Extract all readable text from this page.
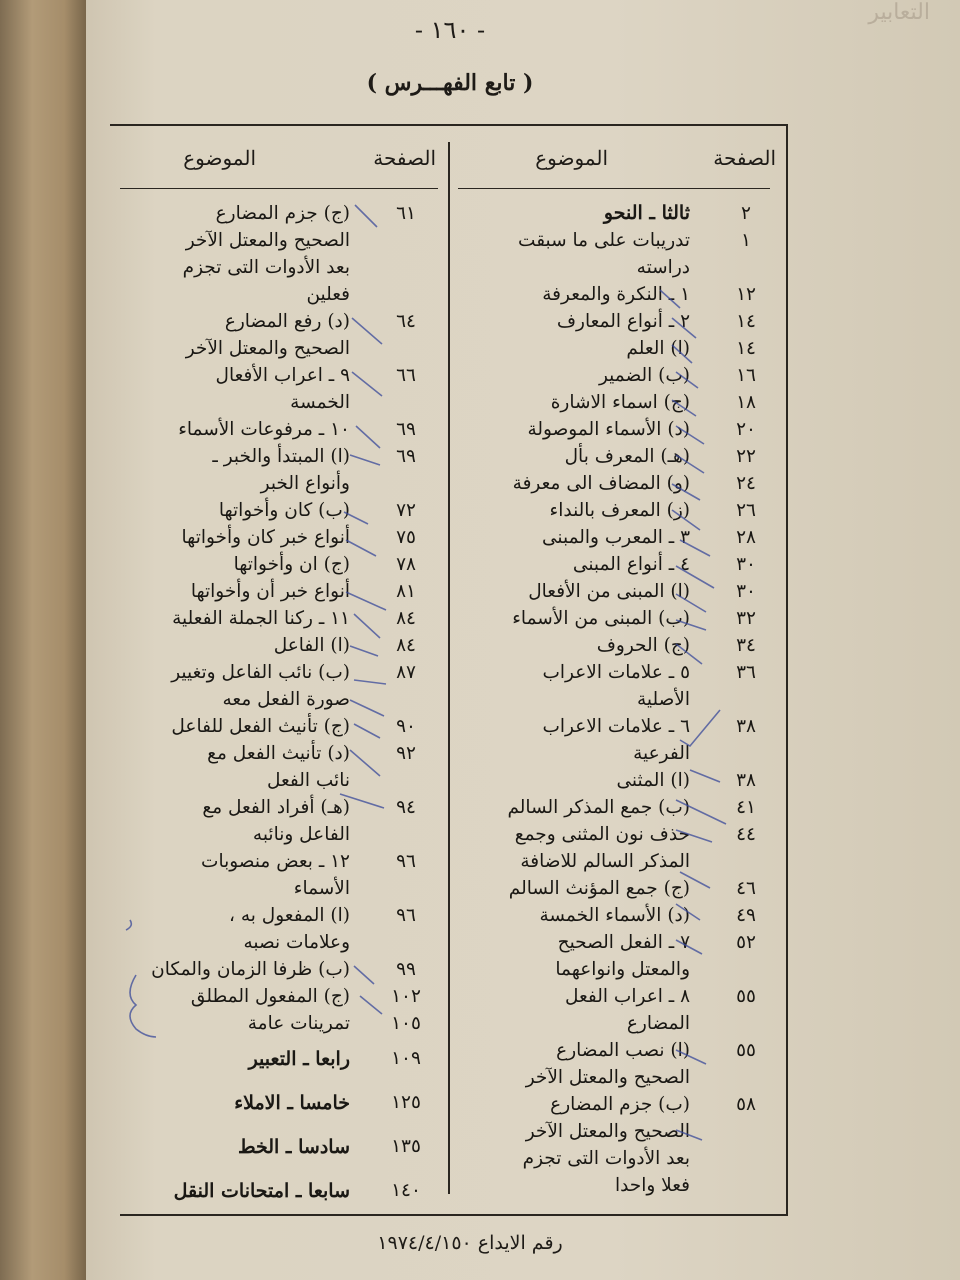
التعابير
- ١٦٠ -
( تابع الفهـــرس )
الصفحة
الموضوع
٢
ثالثا ـ النحو
١
تدريبات على ما سبقت
دراسته
١٢
١ ـ النكرة والمعرفة
١٤
٢ ـ أنواع المعارف
١٤
(ا) العلم
١٦
(ب) الضمير
١٨
(ج) اسماء الاشارة
٢٠
(د) الأسماء الموصولة
٢٢
(هـ) المعرف بأل
٢٤
(و) المضاف الى معرفة
٢٦
(ز) المعرف بالنداء
٢٨
٣ ـ المعرب والمبنى
٣٠
٤ ـ أنواع المبنى
٣٠
(ا) المبنى من الأفعال
٣٢
(ب) المبنى من الأسماء
٣٤
(ج) الحروف
٣٦
٥ ـ علامات الاعراب
الأصلية
٣٨
٦ ـ علامات الاعراب
الفرعية
٣٨
(ا) المثنى
٤١
(ب) جمع المذكر السالم
٤٤
حذف نون المثنى وجمع
المذكر السالم للاضافة
٤٦
(ج) جمع المؤنث السالم
٤٩
(د) الأسماء الخمسة
٥٢
٧ ـ الفعل الصحيح
والمعتل وانواعهما
٥٥
٨ ـ اعراب الفعل
المضارع
٥٥
(ا) نصب المضارع
الصحيح والمعتل الآخر
٥٨
(ب) جزم المضارع
الصحيح والمعتل الآخر
بعد الأدوات التى تجزم
فعلا واحدا
الصفحة
الموضوع
٦١
(ج) جزم المضارع
الصحيح والمعتل الآخر
بعد الأدوات التى تجزم
فعلين
٦٤
(د) رفع المضارع
الصحيح والمعتل الآخر
٦٦
٩ ـ اعراب الأفعال
الخمسة
٦٩
١٠ ـ مرفوعات الأسماء
٦٩
(ا) المبتدأ والخبر ـ
وأنواع الخبر
٧٢
(ب) كان وأخواتها
٧٥
أنواع خبر كان وأخواتها
٧٨
(ج) ان وأخواتها
٨١
أنواع خبر أن وأخواتها
٨٤
١١ ـ ركنا الجملة الفعلية
٨٤
(ا) الفاعل
٨٧
(ب) نائب الفاعل وتغيير
صورة الفعل معه
٩٠
(ج) تأنيث الفعل للفاعل
٩٢
(د) تأنيث الفعل مع
نائب الفعل
٩٤
(هـ) أفراد الفعل مع
الفاعل ونائبه
٩٦
١٢ ـ بعض منصوبات
الأسماء
٩٦
(ا) المفعول به ،
وعلامات نصبه
٩٩
(ب) ظرفا الزمان والمكان
١٠٢
(ج) المفعول المطلق
١٠٥
تمرينات عامة
١٠٩
رابعا ـ التعبير
١٢٥
خامسا ـ الاملاء
١٣٥
سادسا ـ الخط
١٤٠
سابعا ـ امتحانات النقل
رقم الايداع ١٩٧٤/٤/١٥٠
